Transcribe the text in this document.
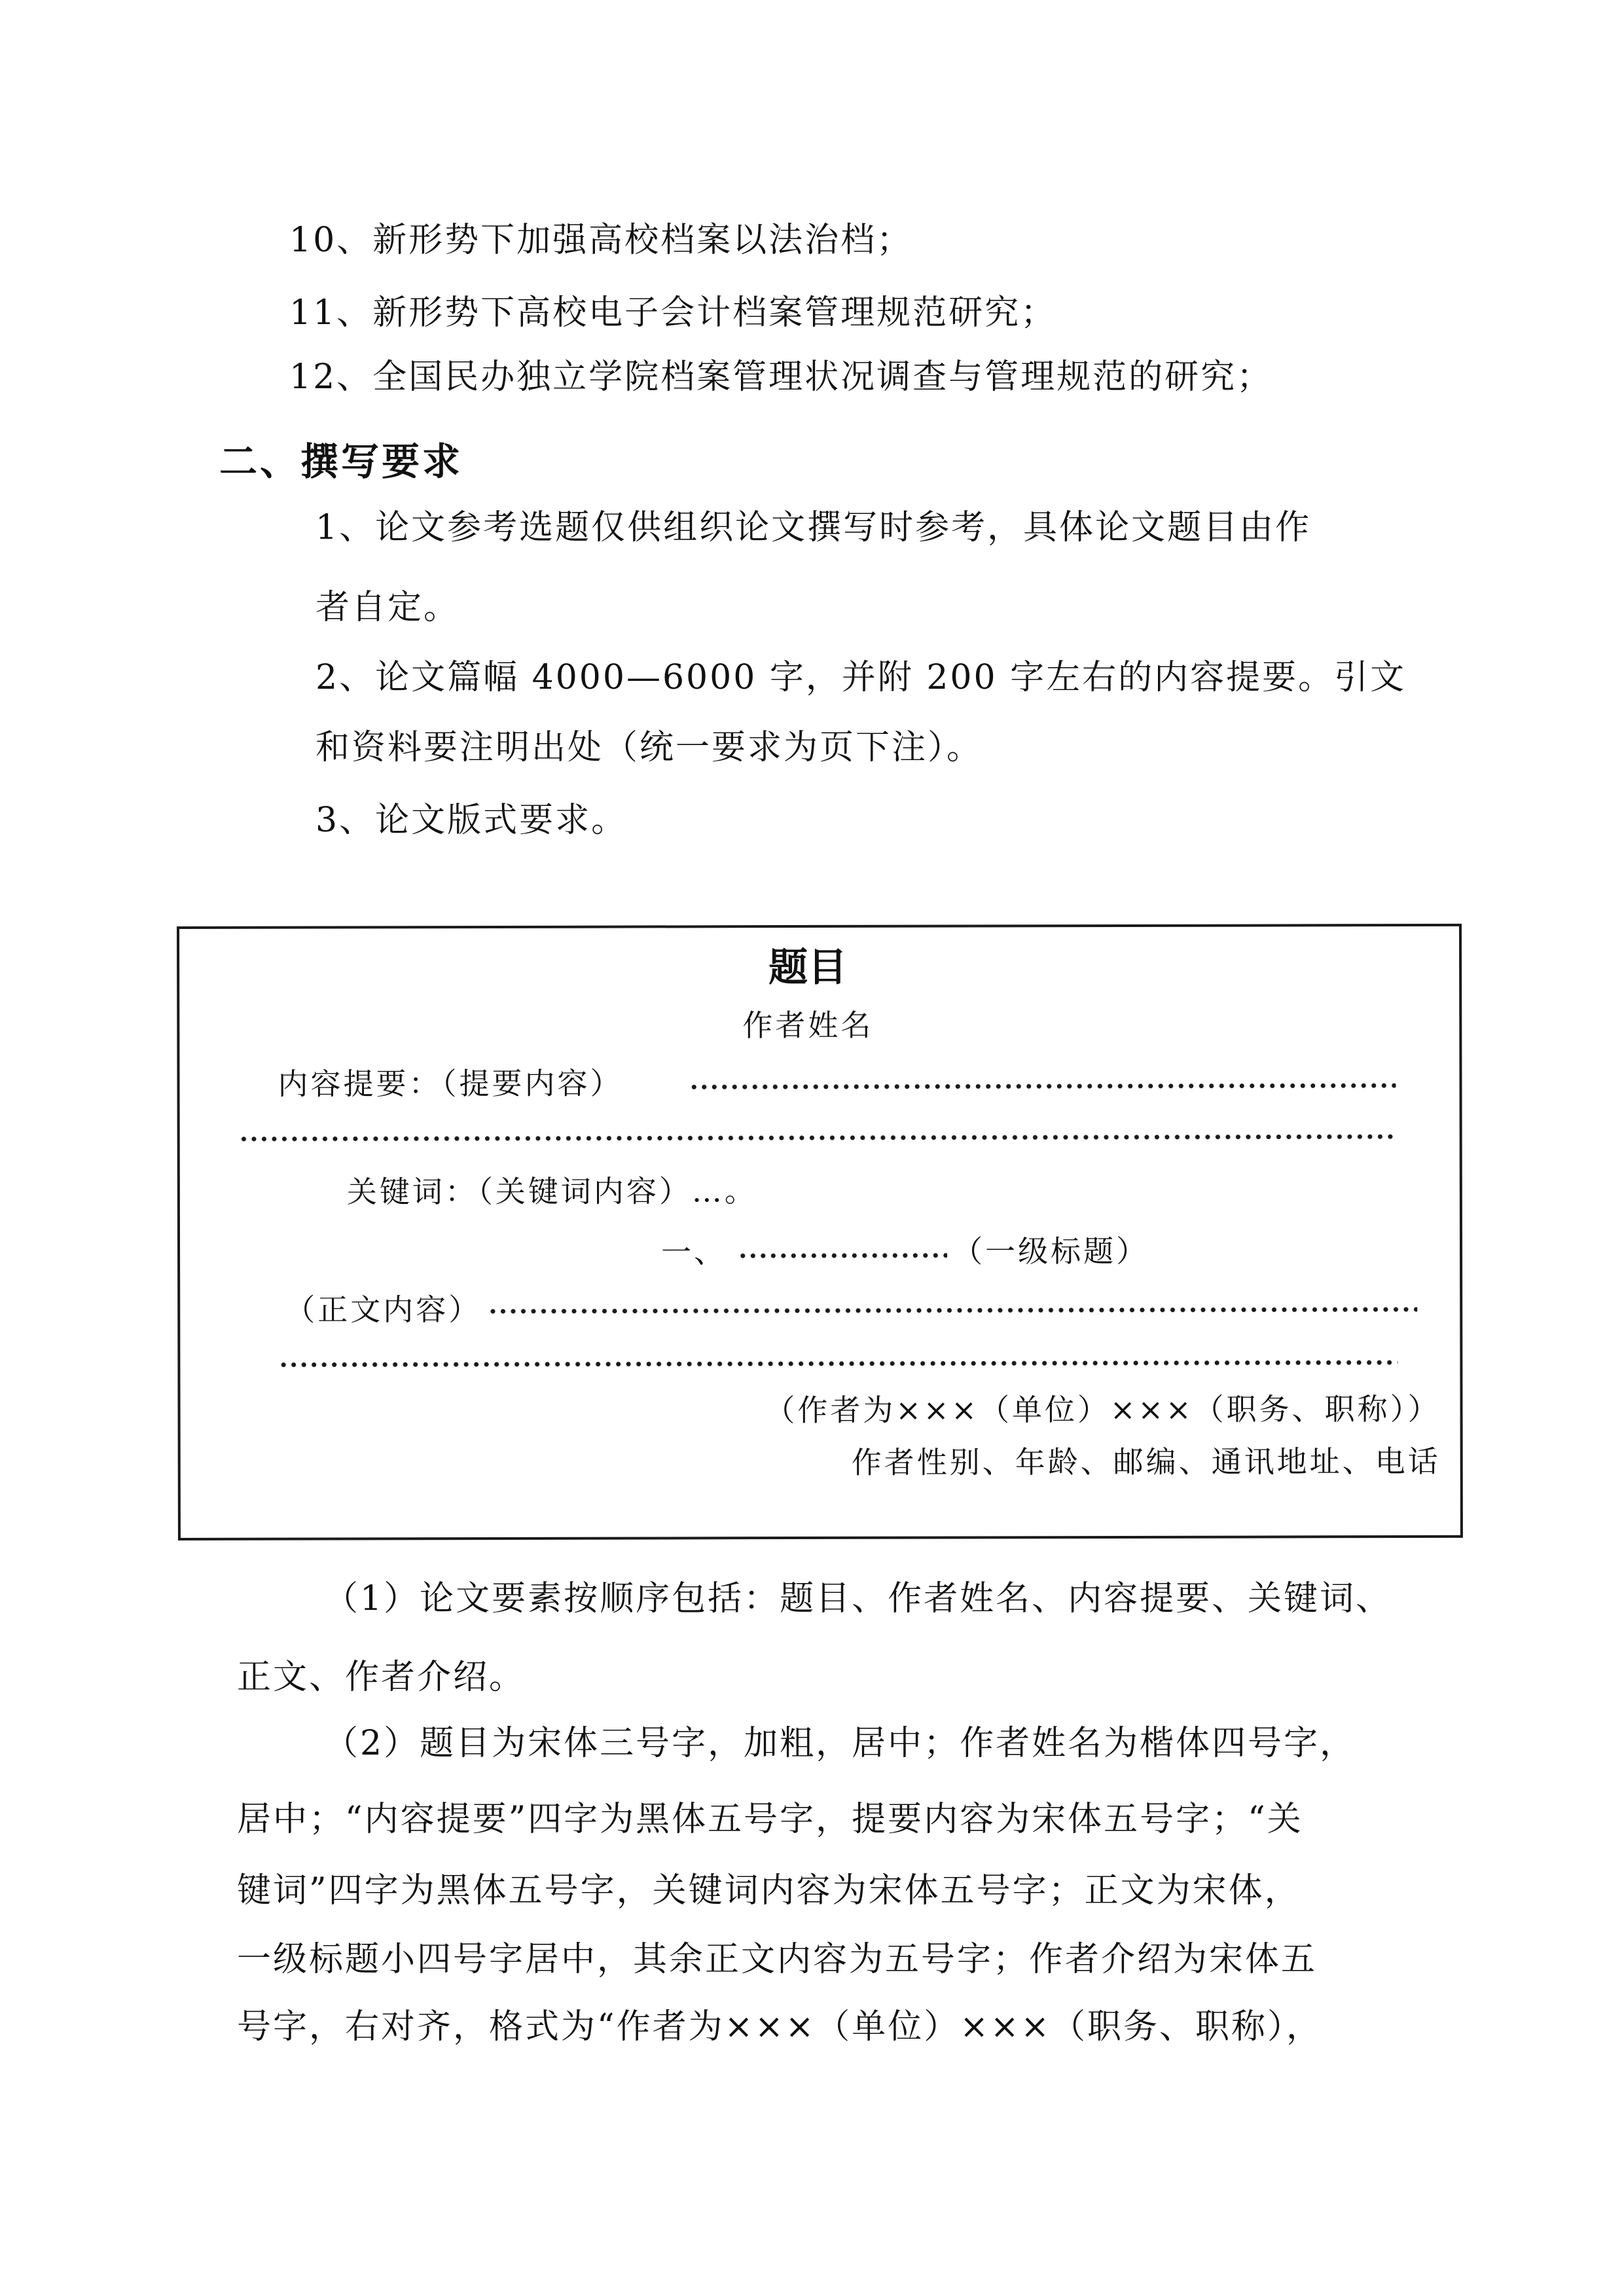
10、新形势下加强高校档案以法治档；
11、新形势下高校电子会计档案管理规范研究；
12、全国民办独立学院档案管理状况调查与管理规范的研究；
二、撰写要求
1、论文参考选题仅供组织论文撰写时参考，具体论文题目由作
者自定。
2、论文篇幅 4000—6000 字，并附 200 字左右的内容提要。引文
和资料要注明出处（统一要求为页下注）。
3、论文版式要求。
题目
作者姓名
内容提要：（提要内容）
关键词：（关键词内容）…。
一、	（一级标题）
（正文内容）
（作者为×××（单位）×××（职务、职称））
作者性别、年龄、邮编、通讯地址、电话
（1）论文要素按顺序包括：题目、作者姓名、内容提要、关键词、
正文、作者介绍。
（2）题目为宋体三号字，加粗，居中；作者姓名为楷体四号字，
居中；“内容提要”四字为黑体五号字，提要内容为宋体五号字；“关
键词”四字为黑体五号字，关键词内容为宋体五号字；正文为宋体，
一级标题小四号字居中，其余正文内容为五号字；作者介绍为宋体五
号字，右对齐，格式为“作者为×××（单位）×××（职务、职称），
